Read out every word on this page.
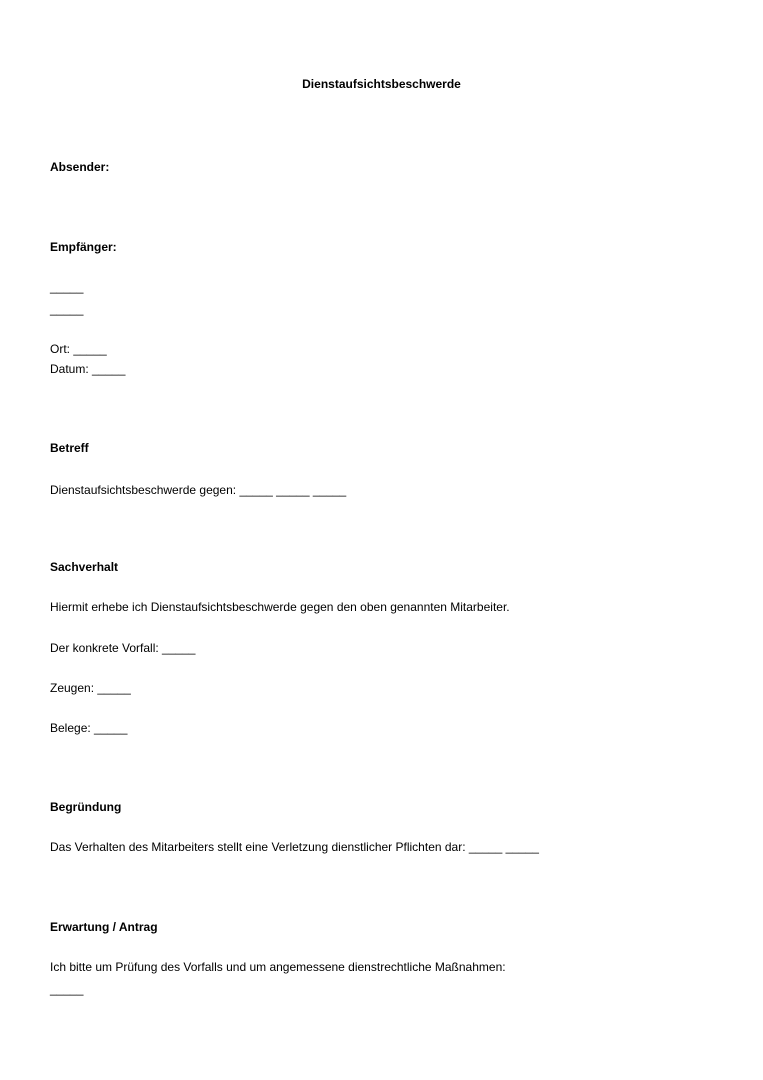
Dienstaufsichtsbeschwerde
Absender:
Empfänger:
_____
_____
Ort: _____
Datum: _____
Betreff
Dienstaufsichtsbeschwerde gegen: _____ _____ _____
Sachverhalt
Hiermit erhebe ich Dienstaufsichtsbeschwerde gegen den oben genannten Mitarbeiter.
Der konkrete Vorfall: _____
Zeugen: _____
Belege: _____
Begründung
Das Verhalten des Mitarbeiters stellt eine Verletzung dienstlicher Pflichten dar: _____ _____
Erwartung / Antrag
Ich bitte um Prüfung des Vorfalls und um angemessene dienstrechtliche Maßnahmen:
_____
